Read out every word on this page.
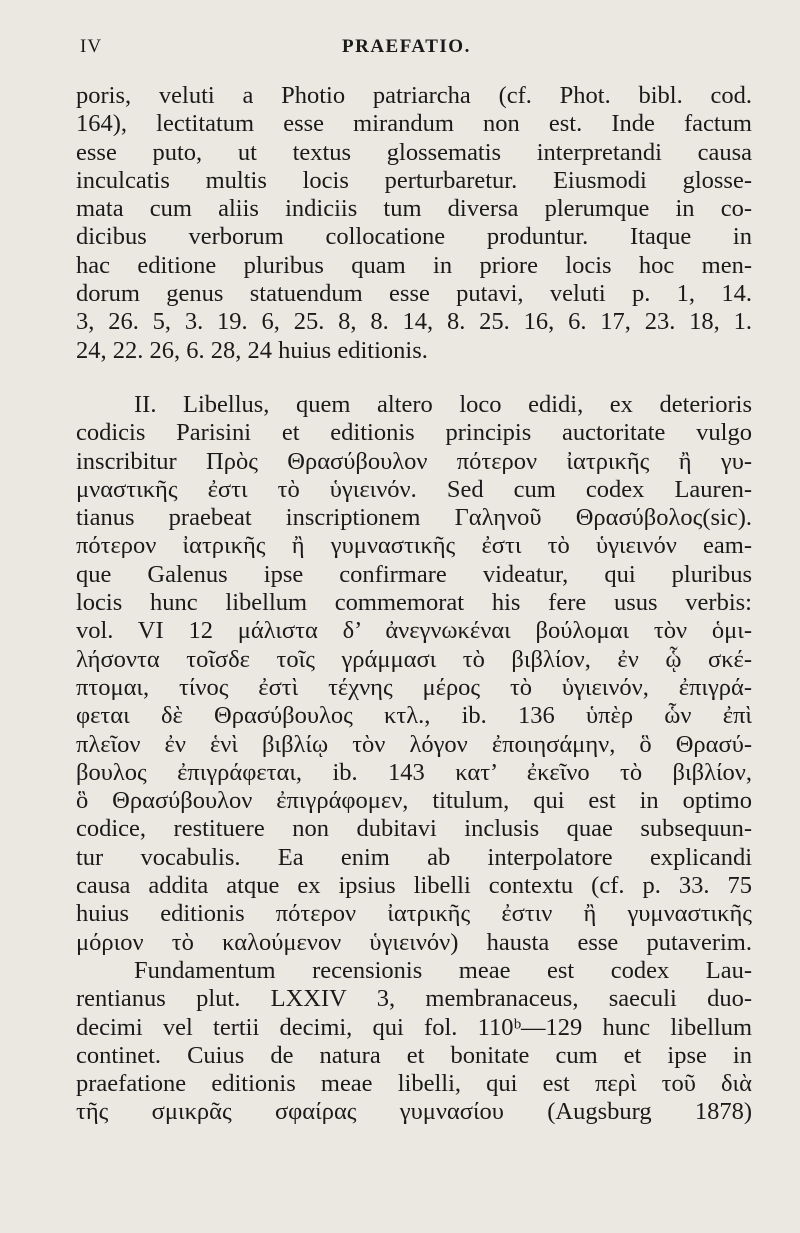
IV	PRAEFATIO.
poris, veluti a Photio patriarcha (cf. Phot. bibl. cod.
164), lectitatum esse mirandum non est. Inde factum
esse puto, ut textus glossematis interpretandi causa
inculcatis multis locis perturbaretur. Eiusmodi glosse-
mata cum aliis indiciis tum diversa plerumque in co-
dicibus verborum collocatione produntur. Itaque in
hac editione pluribus quam in priore locis hoc men-
dorum genus statuendum esse putavi, veluti p. 1, 14.
3, 26. 5, 3. 19. 6, 25. 8, 8. 14, 8. 25. 16, 6. 17, 23. 18, 1.
24, 22. 26, 6. 28, 24 huius editionis.
II. Libellus, quem altero loco edidi, ex deterioris
codicis Parisini et editionis principis auctoritate vulgo
inscribitur Πρὸς Θρασύβουλον πότερον ἰατρικῆς ἢ γυ-
μναστικῆς ἐστι τὸ ὑγιεινόν. Sed cum codex Lauren-
tianus praebeat inscriptionem Γαληνοῦ Θρασύβολος(sic).
πότερον ἰατρικῆς ἢ γυμναστικῆς ἐστι τὸ ὑγιεινόν eam-
que Galenus ipse confirmare videatur, qui pluribus
locis hunc libellum commemorat his fere usus verbis:
vol. VI 12 μάλιστα δ’ ἀνεγνωκέναι βούλομαι τὸν ὁμι-
λήσοντα τοῖσδε τοῖς γράμμασι τὸ βιβλίον, ἐν ᾧ σκέ-
πτομαι, τίνος ἐστὶ τέχνης μέρος τὸ ὑγιεινόν, ἐπιγρά-
φεται δὲ Θρασύβουλος κτλ., ib. 136 ὑπὲρ ὧν ἐπὶ
πλεῖον ἐν ἑνὶ βιβλίῳ τὸν λόγον ἐποιησάμην, ὃ Θρασύ-
βουλος ἐπιγράφεται, ib. 143 κατ’ ἐκεῖνο τὸ βιβλίον,
ὃ Θρασύβουλον ἐπιγράφομεν, titulum, qui est in optimo
codice, restituere non dubitavi inclusis quae subsequun-
tur vocabulis. Ea enim ab interpolatore explicandi
causa addita atque ex ipsius libelli contextu (cf. p. 33. 75
huius editionis πότερον ἰατρικῆς ἐστιν ἢ γυμναστικῆς
μόριον τὸ καλούμενον ὑγιεινόν) hausta esse putaverim.
Fundamentum recensionis meae est codex Lau-
rentianus plut. LXXIV 3, membranaceus, saeculi duo-
decimi vel tertii decimi, qui fol. 110ᵇ—129 hunc libellum
continet. Cuius de natura et bonitate cum et ipse in
praefatione editionis meae libelli, qui est περὶ τοῦ διὰ
τῆς σμικρᾶς σφαίρας γυμνασίου (Augsburg 1878)
